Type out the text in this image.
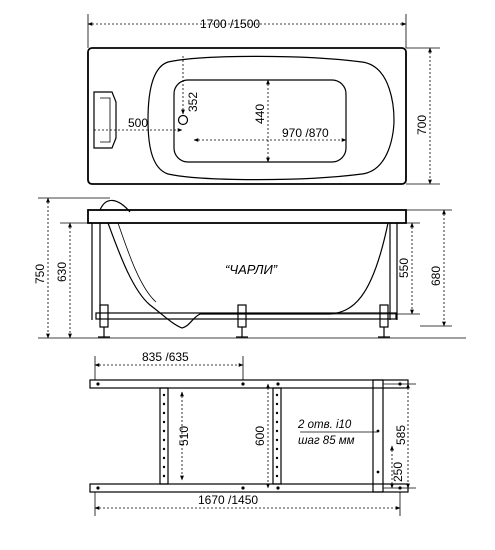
1700 /1500
700
500
352
440
970 /870
“ЧАРЛИ”
750 630	550 680
835 /635
510	600	585
250
2 отв. i10
шаг 85 мм
1670 /1450
